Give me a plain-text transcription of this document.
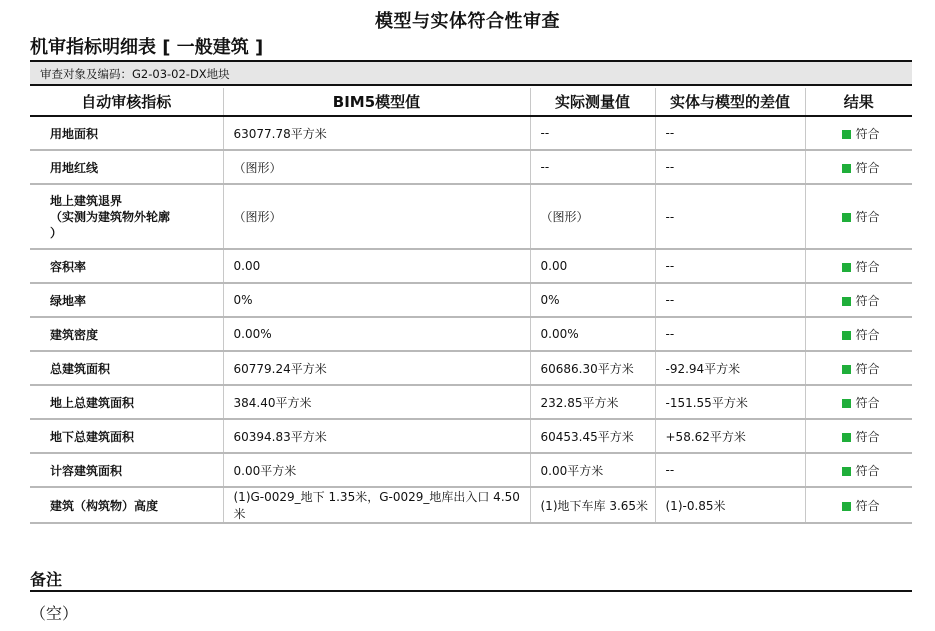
模型与实体符合性审查
机审指标明细表 [ 一般建筑 ]
审查对象及编码：G2-03-02-DX地块
自动审核指标	BIM5模型值	实际测量值	实体与模型的差值	结果
用地面积	63077.78平方米	--	--	符合
用地红线	（图形）	--	--	符合
地上建筑退界
（实测为建筑物外轮廓
）	（图形）	（图形）	--	符合
容积率	0.00	0.00	--	符合
绿地率	0%	0%	--	符合
建筑密度	0.00%	0.00%	--	符合
总建筑面积	60779.24平方米	60686.30平方米	-92.94平方米	符合
地上总建筑面积	384.40平方米	232.85平方米	-151.55平方米	符合
地下总建筑面积	60394.83平方米	60453.45平方米	+58.62平方米	符合
计容建筑面积	0.00平方米	0.00平方米	--	符合
建筑（构筑物）高度	(1)G-0029_地下 1.35米，G-0029_地库出入口 4.50米	(1)地下车库 3.65米	(1)-0.85米	符合
备注
（空）
